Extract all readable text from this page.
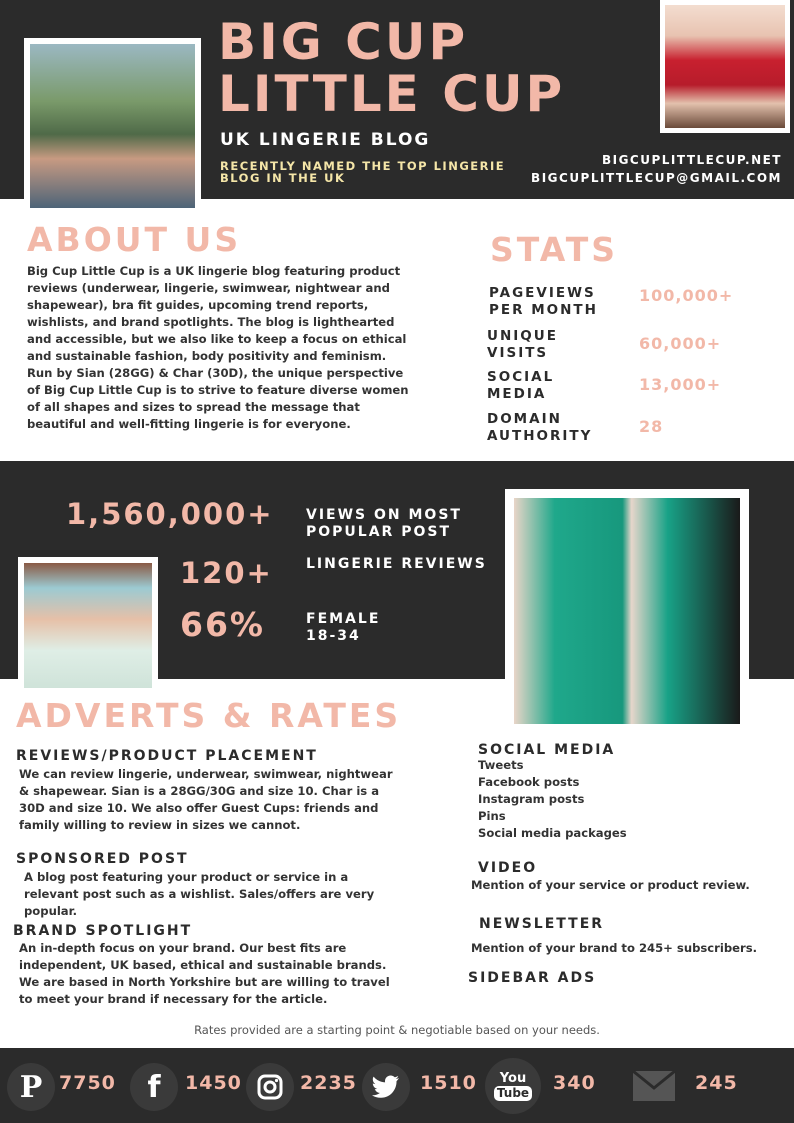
BIG CUP
LITTLE CUP
UK LINGERIE BLOG
RECENTLY NAMED THE TOP LINGERIE BLOG IN THE UK
BIGCUPLITTLECUP.NET
BIGCUPLITTLECUP@GMAIL.COM
ABOUT US
Big Cup Little Cup is a UK lingerie blog featuring product reviews (underwear, lingerie, swimwear, nightwear and shapewear), bra fit guides, upcoming trend reports, wishlists, and brand spotlights. The blog is lighthearted and accessible, but we also like to keep a focus on ethical and sustainable fashion, body positivity and feminism.
Run by Sian (28GG) & Char (30D), the unique perspective of Big Cup Little Cup is to strive to feature diverse women of all shapes and sizes to spread the message that beautiful and well-fitting lingerie is for everyone.
STATS
PAGEVIEWS PER MONTH
100,000+
UNIQUE VISITS	60,000+
SOCIAL MEDIA	13,000+
DOMAIN AUTHORITY	28
1,560,000+ VIEWS ON MOST POPULAR POST
120+ LINGERIE REVIEWS
66%	FEMALE 18-34
ADVERTS & RATES
REVIEWS/PRODUCT PLACEMENT
We can review lingerie, underwear, swimwear, nightwear & shapewear. Sian is a 28GG/30G and size 10. Char is a 30D and size 10. We also offer Guest Cups: friends and family willing to review in sizes we cannot.
SPONSORED POST
A blog post featuring your product or service in a relevant post such as a wishlist. Sales/offers are very popular.
BRAND SPOTLIGHT
An in-depth focus on your brand. Our best fits are independent, UK based, ethical and sustainable brands. We are based in North Yorkshire but are willing to travel to meet your brand if necessary for the article.
SOCIAL MEDIA
Tweets
Facebook posts
Instagram posts
Pins
Social media packages
VIDEO
Mention of your service or product review.
NEWSLETTER
Mention of your brand to 245+ subscribers.
SIDEBAR ADS
Rates provided are a starting point & negotiable based on your needs.
P 7750 f 1450	2235	1510 You
Tube 340	245
